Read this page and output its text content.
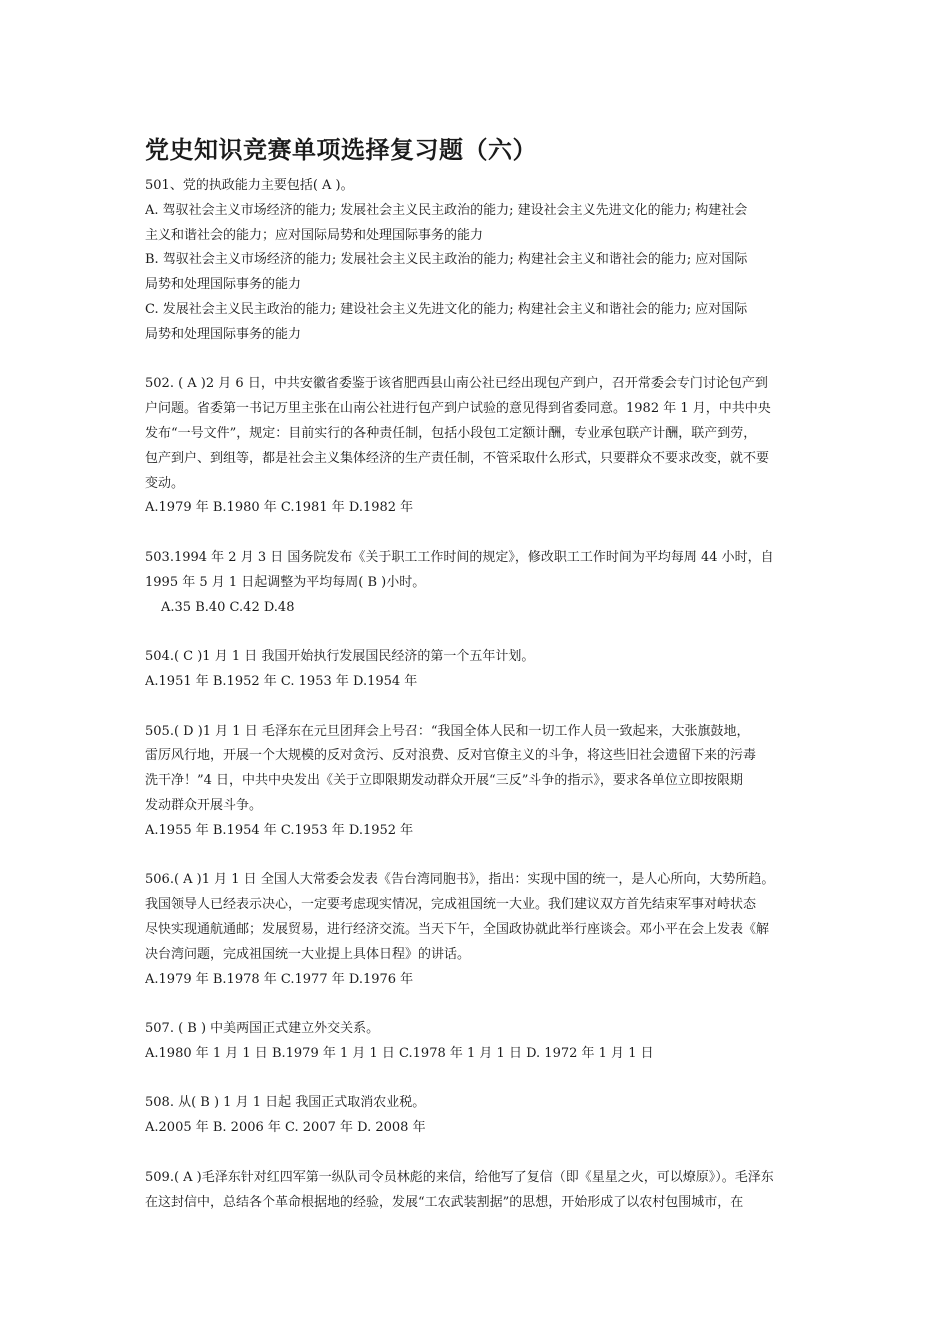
党史知识竞赛单项选择复习题（六）
501、党的执政能力主要包括( A )。
A. 驾驭社会主义市场经济的能力; 发展社会主义民主政治的能力; 建设社会主义先进文化的能力; 构建社会
主义和谐社会的能力；应对国际局势和处理国际事务的能力
B. 驾驭社会主义市场经济的能力; 发展社会主义民主政治的能力; 构建社会主义和谐社会的能力; 应对国际
局势和处理国际事务的能力
C. 发展社会主义民主政治的能力; 建设社会主义先进文化的能力; 构建社会主义和谐社会的能力; 应对国际
局势和处理国际事务的能力
502. ( A )2 月 6 日，中共安徽省委鉴于该省肥西县山南公社已经出现包产到户，召开常委会专门讨论包产到
户问题。省委第一书记万里主张在山南公社进行包产到户试验的意见得到省委同意。1982 年 1 月，中共中央
发布“一号文件”，规定：目前实行的各种责任制，包括小段包工定额计酬，专业承包联产计酬，联产到劳，
包产到户、到组等，都是社会主义集体经济的生产责任制，不管采取什么形式，只要群众不要求改变，就不要
变动。
A.1979 年 B.1980 年 C.1981 年 D.1982 年
503.1994 年 2 月 3 日 国务院发布《关于职工工作时间的规定》，修改职工工作时间为平均每周 44 小时，自
1995 年 5 月 1 日起调整为平均每周( B )小时。
A.35 B.40 C.42 D.48
504.( C )1 月 1 日 我国开始执行发展国民经济的第一个五年计划。
A.1951 年 B.1952 年 C. 1953 年 D.1954 年
505.( D )1 月 1 日 毛泽东在元旦团拜会上号召：“我国全体人民和一切工作人员一致起来，大张旗鼓地，
雷厉风行地，开展一个大规模的反对贪污、反对浪费、反对官僚主义的斗争，将这些旧社会遗留下来的污毒
洗干净！”4 日，中共中央发出《关于立即限期发动群众开展“三反”斗争的指示》，要求各单位立即按限期
发动群众开展斗争。
A.1955 年 B.1954 年 C.1953 年 D.1952 年
506.( A )1 月 1 日 全国人大常委会发表《告台湾同胞书》，指出：实现中国的统一，是人心所向，大势所趋。
我国领导人已经表示决心，一定要考虑现实情况，完成祖国统一大业。我们建议双方首先结束军事对峙状态
尽快实现通航通邮；发展贸易，进行经济交流。当天下午，全国政协就此举行座谈会。邓小平在会上发表《解
决台湾问题，完成祖国统一大业提上具体日程》的讲话。
A.1979 年 B.1978 年 C.1977 年 D.1976 年
507. ( B ) 中美两国正式建立外交关系。
A.1980 年 1 月 1 日 B.1979 年 1 月 1 日 C.1978 年 1 月 1 日 D. 1972 年 1 月 1 日
508. 从( B ) 1 月 1 日起 我国正式取消农业税。
A.2005 年 B. 2006 年 C. 2007 年 D. 2008 年
509.( A )毛泽东针对红四军第一纵队司令员林彪的来信，给他写了复信（即《星星之火，可以燎原》）。毛泽东
在这封信中，总结各个革命根据地的经验，发展“工农武装割据”的思想，开始形成了以农村包围城市，在
